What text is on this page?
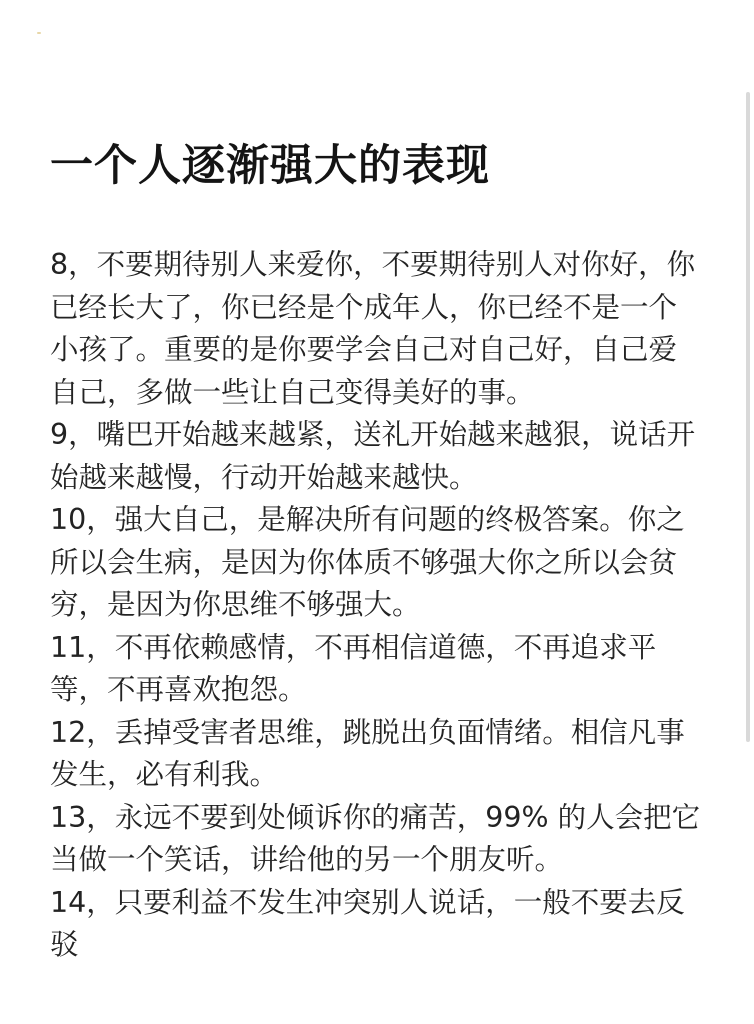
一个人逐渐强大的表现

8，不要期待别人来爱你，不要期待别人对你好，你已经长大了，你已经是个成年人，你已经不是一个小孩了。重要的是你要学会自己对自己好，自己爱自己，多做一些让自己变得美好的事。

9，嘴巴开始越来越紧，送礼开始越来越狠，说话开始越来越慢，行动开始越来越快。

10，强大自己，是解决所有问题的终极答案。你之所以会生病，是因为你体质不够强大你之所以会贫穷，是因为你思维不够强大。

11，不再依赖感情，不再相信道德，不再追求平等，不再喜欢抱怨。

12，丢掉受害者思维，跳脱出负面情绪。相信凡事发生，必有利我。

13，永远不要到处倾诉你的痛苦，99% 的人会把它当做一个笑话，讲给他的另一个朋友听。

14，只要利益不发生冲突别人说话，一般不要去反驳
